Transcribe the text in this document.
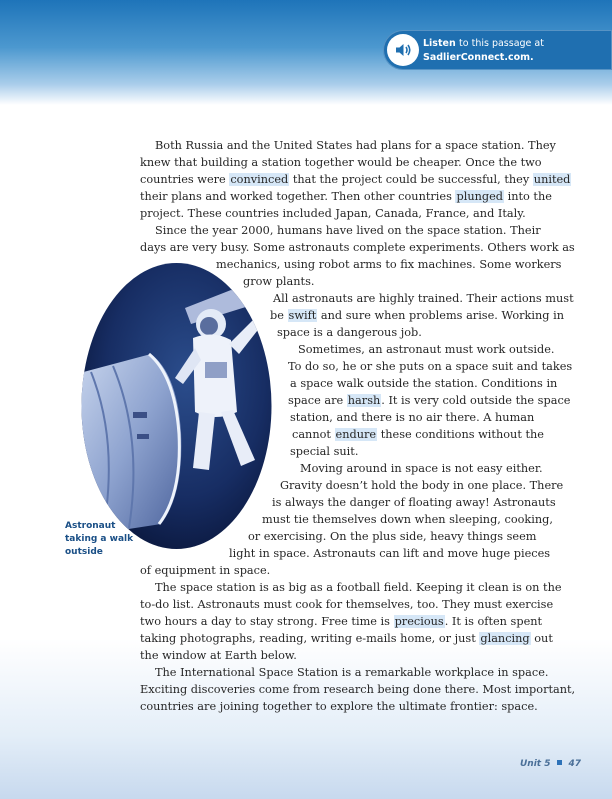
Listen to this passage at
SadlierConnect.com.
Astronaut
taking a walk
outside
Both Russia and the United States had plans for a space station. They
knew that building a station together would be cheaper. Once the two
countries were convinced that the project could be successful, they united
their plans and worked together. Then other countries plunged into the
project. These countries included Japan, Canada, France, and Italy.
Since the year 2000, humans have lived on the space station. Their
days are very busy. Some astronauts complete experiments. Others work as
mechanics, using robot arms to fix machines. Some workers
grow plants.
All astronauts are highly trained. Their actions must
be swift and sure when problems arise. Working in
space is a dangerous job.
Sometimes, an astronaut must work outside.
To do so, he or she puts on a space suit and takes
a space walk outside the station. Conditions in
space are harsh. It is very cold outside the space
station, and there is no air there. A human
cannot endure these conditions without the
special suit.
Moving around in space is not easy either.
Gravity doesn’t hold the body in one place. There
is always the danger of floating away! Astronauts
must tie themselves down when sleeping, cooking,
or exercising. On the plus side, heavy things seem
light in space. Astronauts can lift and move huge pieces
of equipment in space.
The space station is as big as a football field. Keeping it clean is on the
to-do list. Astronauts must cook for themselves, too. They must exercise
two hours a day to stay strong. Free time is precious. It is often spent
taking photographs, reading, writing e-mails home, or just glancing out
the window at Earth below.
The International Space Station is a remarkable workplace in space.
Exciting discoveries come from research being done there. Most important,
countries are joining together to explore the ultimate frontier: space.
Unit 5 47
